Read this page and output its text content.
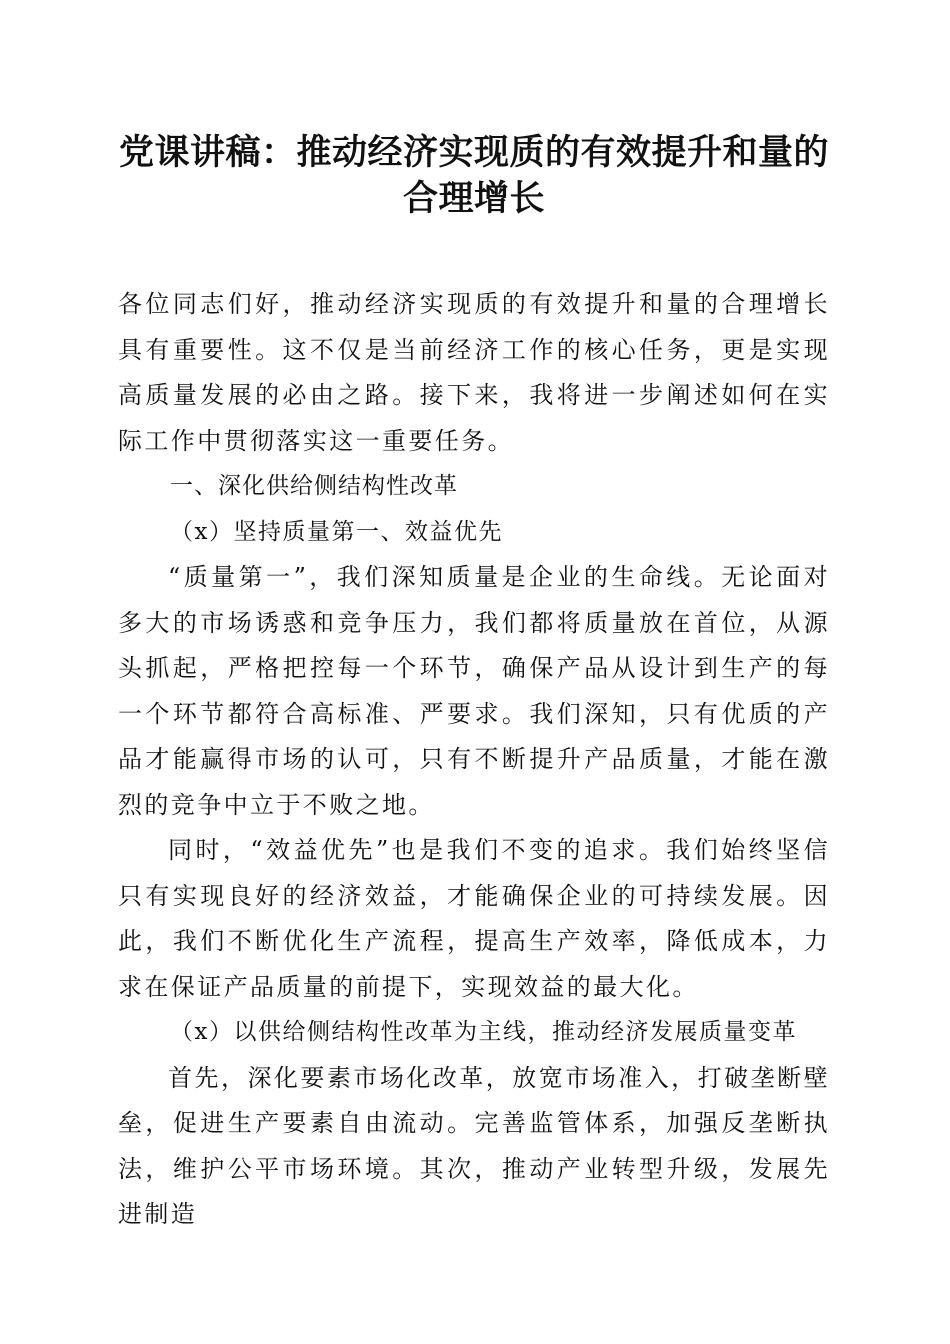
党课讲稿：推动经济实现质的有效提升和量的
合理增长

各位同志们好，推动经济实现质的有效提升和量的合理增长具有重要性。这不仅是当前经济工作的核心任务，更是实现高质量发展的必由之路。接下来，我将进一步阐述如何在实际工作中贯彻落实这一重要任务。

一、深化供给侧结构性改革

（x）坚持质量第一、效益优先

“质量第一”，我们深知质量是企业的生命线。无论面对多大的市场诱惑和竞争压力，我们都将质量放在首位，从源头抓起，严格把控每一个环节，确保产品从设计到生产的每一个环节都符合高标准、严要求。我们深知，只有优质的产品才能赢得市场的认可，只有不断提升产品质量，才能在激烈的竞争中立于不败之地。

同时，“效益优先”也是我们不变的追求。我们始终坚信只有实现良好的经济效益，才能确保企业的可持续发展。因此，我们不断优化生产流程，提高生产效率，降低成本，力求在保证产品质量的前提下，实现效益的最大化。

（x）以供给侧结构性改革为主线，推动经济发展质量变革

首先，深化要素市场化改革，放宽市场准入，打破垄断壁垒，促进生产要素自由流动。完善监管体系，加强反垄断执法，维护公平市场环境。其次，推动产业转型升级，发展先进制造
